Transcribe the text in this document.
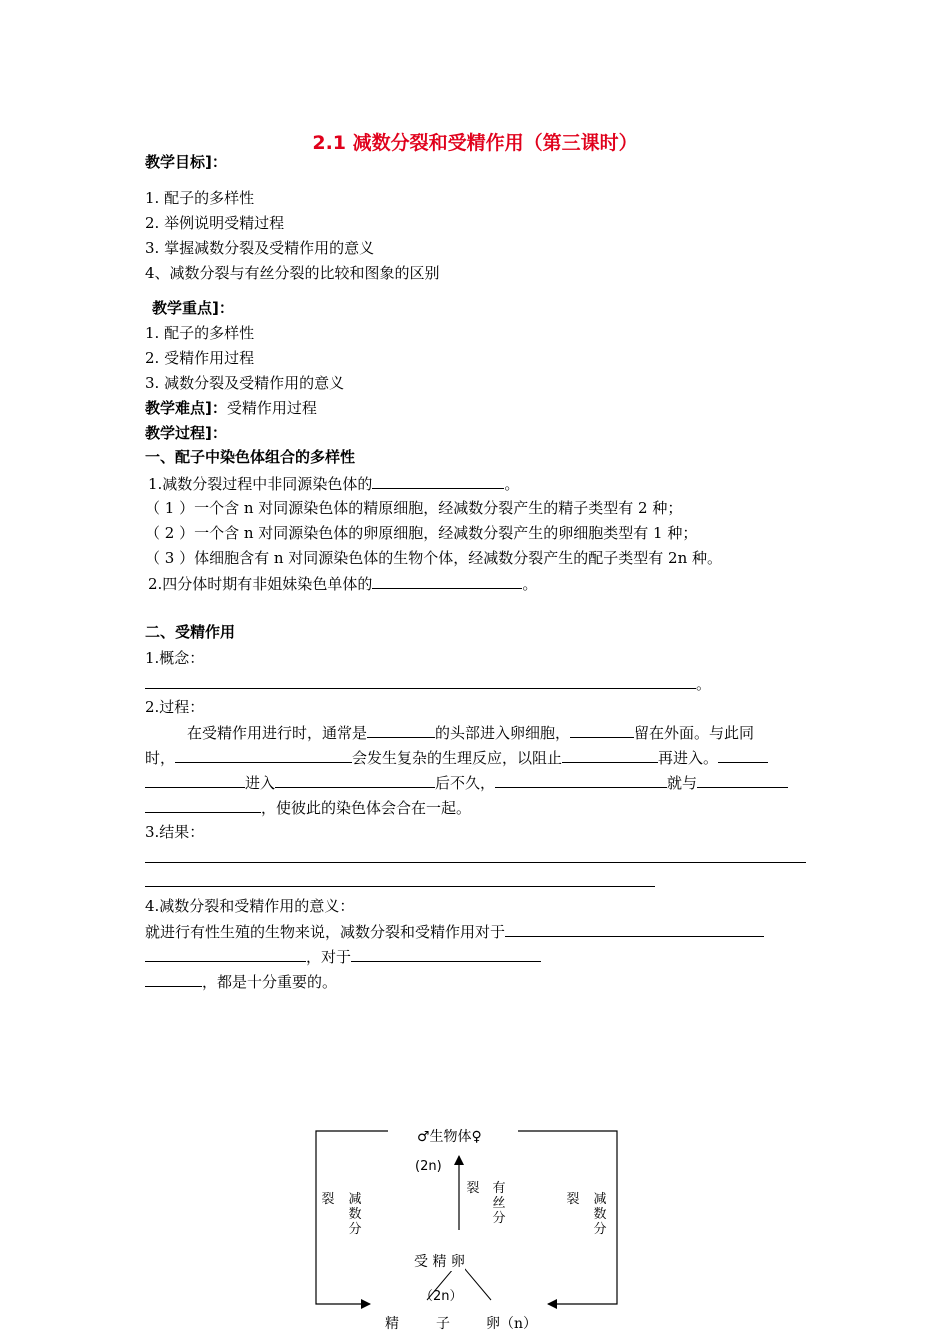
2.1 减数分裂和受精作用（第三课时）
教学目标]：
1. 配子的多样性
2. 举例说明受精过程
3. 掌握减数分裂及受精作用的意义
4、减数分裂与有丝分裂的比较和图象的区别
教学重点]：
1. 配子的多样性
2. 受精作用过程
3. 减数分裂及受精作用的意义
教学难点]：受精作用过程
教学过程]：
一、配子中染色体组合的多样性
1.减数分裂过程中非同源染色体的	。
（ 1 ）一个含 n 对同源染色体的精原细胞，经减数分裂产生的精子类型有 2 种；
（ 2 ）一个含 n 对同源染色体的卵原细胞，经减数分裂产生的卵细胞类型有 1 种；
（ 3 ）体细胞含有 n 对同源染色体的生物个体，经减数分裂产生的配子类型有 2n 种。
2.四分体时期有非姐妹染色单体的	。
二、受精作用
1.概念：
。
2.过程：
在受精作用进行时，通常是	的头部进入卵细胞，	留在外面。与此同
时，	会发生复杂的生理反应，以阻止	再进入。
进入	后不久，	就与
，使彼此的染色体会合在一起。
3.结果：
4.减数分裂和受精作用的意义：
就进行有性生殖的生物来说，减数分裂和受精作用对于
，对于
，都是十分重要的。
♂生物体♀
(2n)
裂 减数分
裂 有丝分
裂 减数分
受 精 卵
（2n）
精	子	卵（n）
